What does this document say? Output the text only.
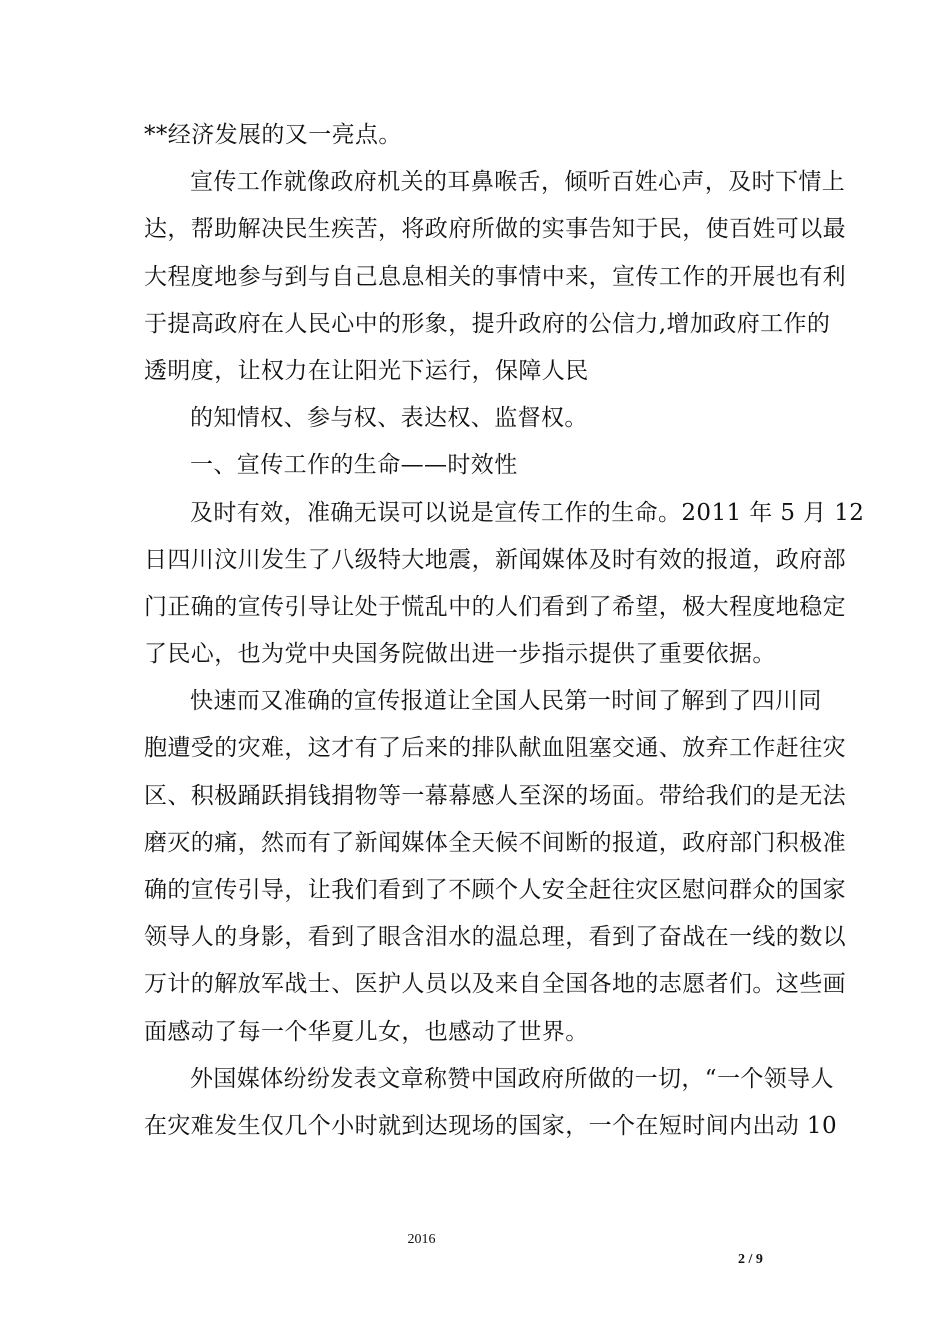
**经济发展的又一亮点。
宣传工作就像政府机关的耳鼻喉舌，倾听百姓心声，及时下情上
达，帮助解决民生疾苦，将政府所做的实事告知于民，使百姓可以最
大程度地参与到与自己息息相关的事情中来，宣传工作的开展也有利
于提高政府在人民心中的形象，提升政府的公信力,增加政府工作的
透明度，让权力在让阳光下运行，保障人民
的知情权、参与权、表达权、监督权。
一、宣传工作的生命——时效性
及时有效，准确无误可以说是宣传工作的生命。2011 年 5 月 12
日四川汶川发生了八级特大地震，新闻媒体及时有效的报道，政府部
门正确的宣传引导让处于慌乱中的人们看到了希望，极大程度地稳定
了民心，也为党中央国务院做出进一步指示提供了重要依据。
快速而又准确的宣传报道让全国人民第一时间了解到了四川同
胞遭受的灾难，这才有了后来的排队献血阻塞交通、放弃工作赶往灾
区、积极踊跃捐钱捐物等一幕幕感人至深的场面。带给我们的是无法
磨灭的痛，然而有了新闻媒体全天候不间断的报道，政府部门积极准
确的宣传引导，让我们看到了不顾个人安全赶往灾区慰问群众的国家
领导人的身影，看到了眼含泪水的温总理，看到了奋战在一线的数以
万计的解放军战士、医护人员以及来自全国各地的志愿者们。这些画
面感动了每一个华夏儿女，也感动了世界。
外国媒体纷纷发表文章称赞中国政府所做的一切，“一个领导人
在灾难发生仅几个小时就到达现场的国家，一个在短时间内出动 10
2016
2 / 9
